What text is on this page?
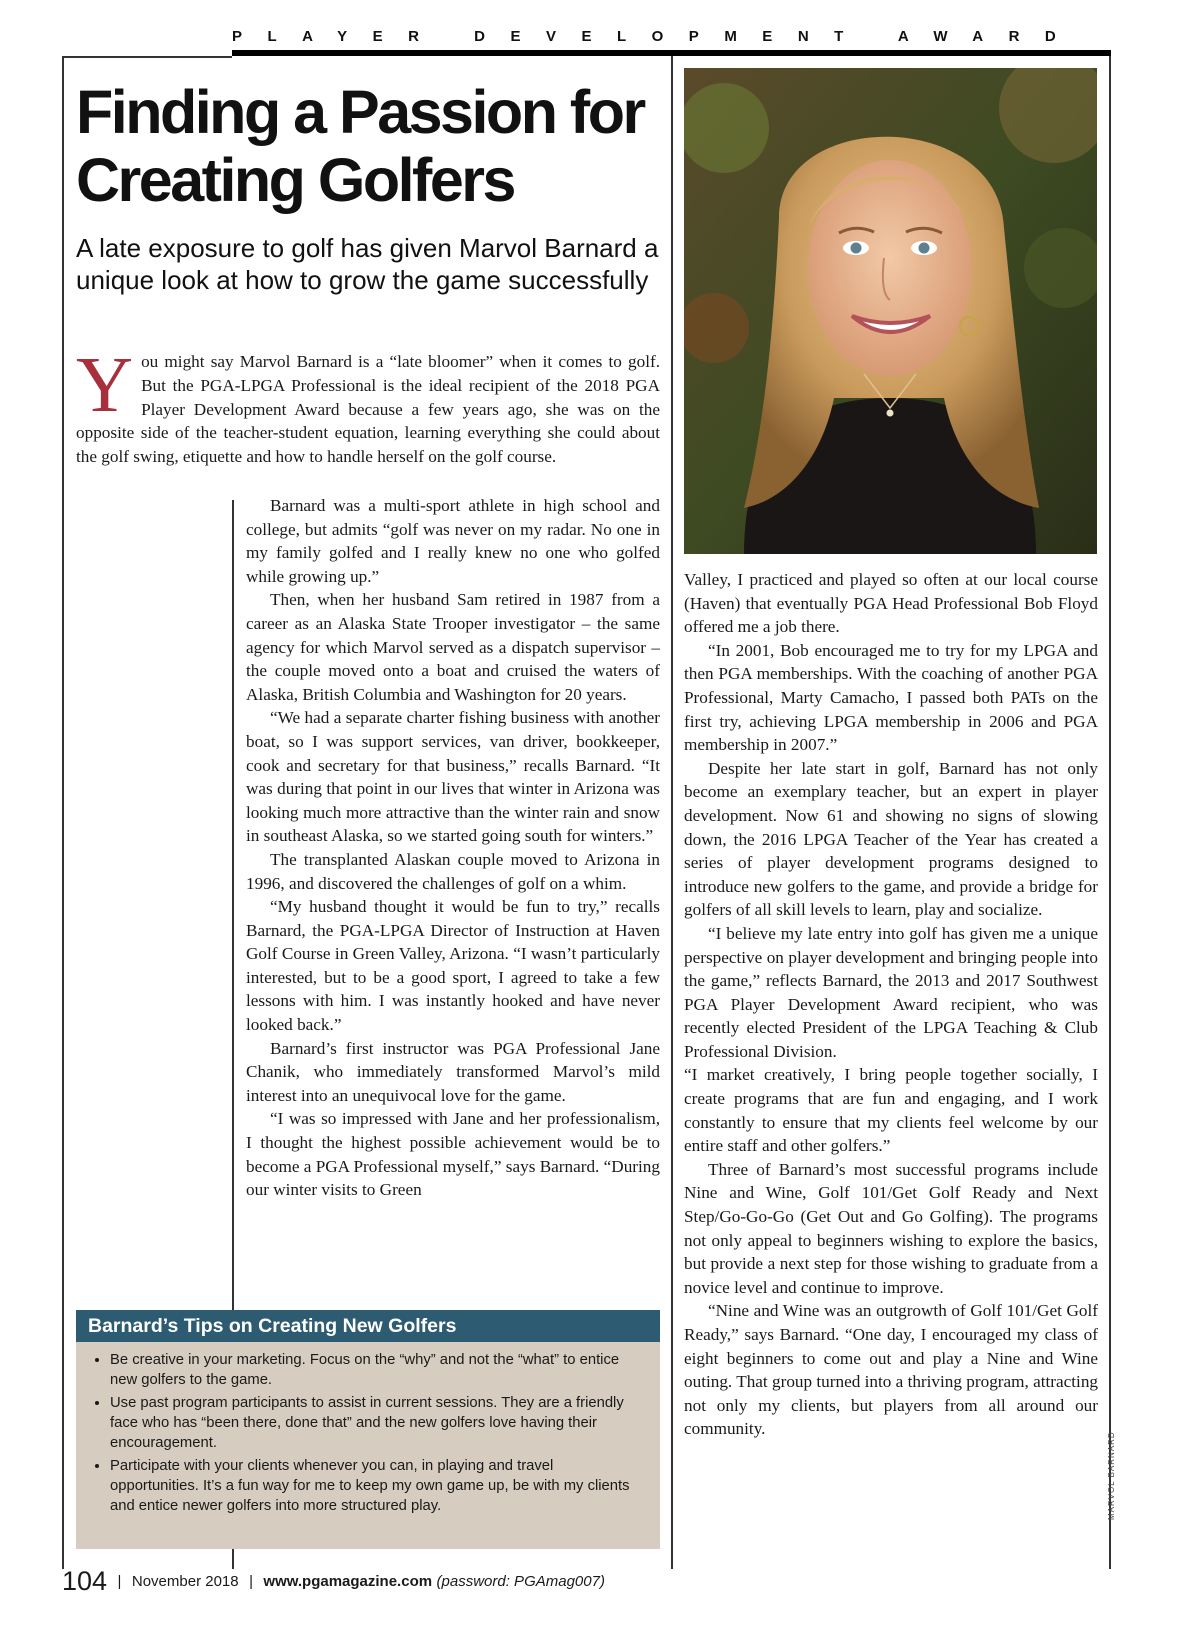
PLAYER DEVELOPMENT AWARD
Finding a Passion for Creating Golfers
A late exposure to golf has given Marvol Barnard a unique look at how to grow the game successfully
Y ou might say Marvol Barnard is a “late bloomer” when it comes to golf. But the PGA-LPGA Professional is the ideal recipient of the 2018 PGA Player Development Award because a few years ago, she was on the opposite side of the teacher-student equation, learning everything she could about the golf swing, etiquette and how to handle herself on the golf course.

Barnard was a multi-sport athlete in high school and college, but admits “golf was never on my radar. No one in my family golfed and I really knew no one who golfed while growing up.”

Then, when her husband Sam retired in 1987 from a career as an Alaska State Trooper investigator – the same agency for which Marvol served as a dispatch supervisor – the couple moved onto a boat and cruised the waters of Alaska, British Columbia and Washington for 20 years.

“We had a separate charter fishing business with another boat, so I was support services, van driver, bookkeeper, cook and secretary for that business,” recalls Barnard. “It was during that point in our lives that winter in Arizona was looking much more attractive than the winter rain and snow in southeast Alaska, so we started going south for winters.”

The transplanted Alaskan couple moved to Arizona in 1996, and discovered the challenges of golf on a whim.

“My husband thought it would be fun to try,” recalls Barnard, the PGA-LPGA Director of Instruction at Haven Golf Course in Green Valley, Arizona. “I wasn’t particularly interested, but to be a good sport, I agreed to take a few lessons with him. I was instantly hooked and have never looked back.”

Barnard’s first instructor was PGA Professional Jane Chanik, who immediately transformed Marvol’s mild interest into an unequivocal love for the game.

“I was so impressed with Jane and her professionalism, I thought the highest possible achievement would be to become a PGA Professional myself,” says Barnard. “During our winter visits to Green

MARVOL BARNARD

Valley, I practiced and played so often at our local course (Haven) that eventually PGA Head Professional Bob Floyd offered me a job there.

“In 2001, Bob encouraged me to try for my LPGA and then PGA memberships. With the coaching of another PGA Professional, Marty Camacho, I passed both PATs on the first try, achieving LPGA membership in 2006 and PGA membership in 2007.”

Despite her late start in golf, Barnard has not only become an exemplary teacher, but an expert in player development. Now 61 and showing no signs of slowing down, the 2016 LPGA Teacher of the Year has created a series of player development programs designed to introduce new golfers to the game, and provide a bridge for golfers of all skill levels to learn, play and socialize.

“I believe my late entry into golf has given me a unique perspective on player development and bringing people into the game,” reflects Barnard, the 2013 and 2017 Southwest PGA Player Development Award recipient, who was recently elected President of the LPGA Teaching & Club Professional Division.

“I market creatively, I bring people together socially, I create programs that are fun and engaging, and I work constantly to ensure that my clients feel welcome by our entire staff and other golfers.”

Three of Barnard’s most successful programs include Nine and Wine, Golf 101/Get Golf Ready and Next Step/Go-Go-Go (Get Out and Go Golfing). The programs not only appeal to beginners wishing to explore the basics, but provide a next step for those wishing to graduate from a novice level and continue to improve.

“Nine and Wine was an outgrowth of Golf 101/Get Golf Ready,” says Barnard. “One day, I encouraged my class of eight beginners to come out and play a Nine and Wine outing. That group turned into a thriving program, attracting not only my clients, but players from all around our community.

Barnard’s Tips on Creating New Golfers
• Be creative in your marketing. Focus on the “why” and not the “what” to entice new golfers to the game.
• Use past program participants to assist in current sessions. They are a friendly face who has “been there, done that” and the new golfers love having their encouragement.
• Participate with your clients whenever you can, in playing and travel opportunities. It’s a fun way for me to keep my own game up, be with my clients and entice newer golfers into more structured play.
104 | November 2018 | www.pgamagazine.com (password: PGAmag007)
